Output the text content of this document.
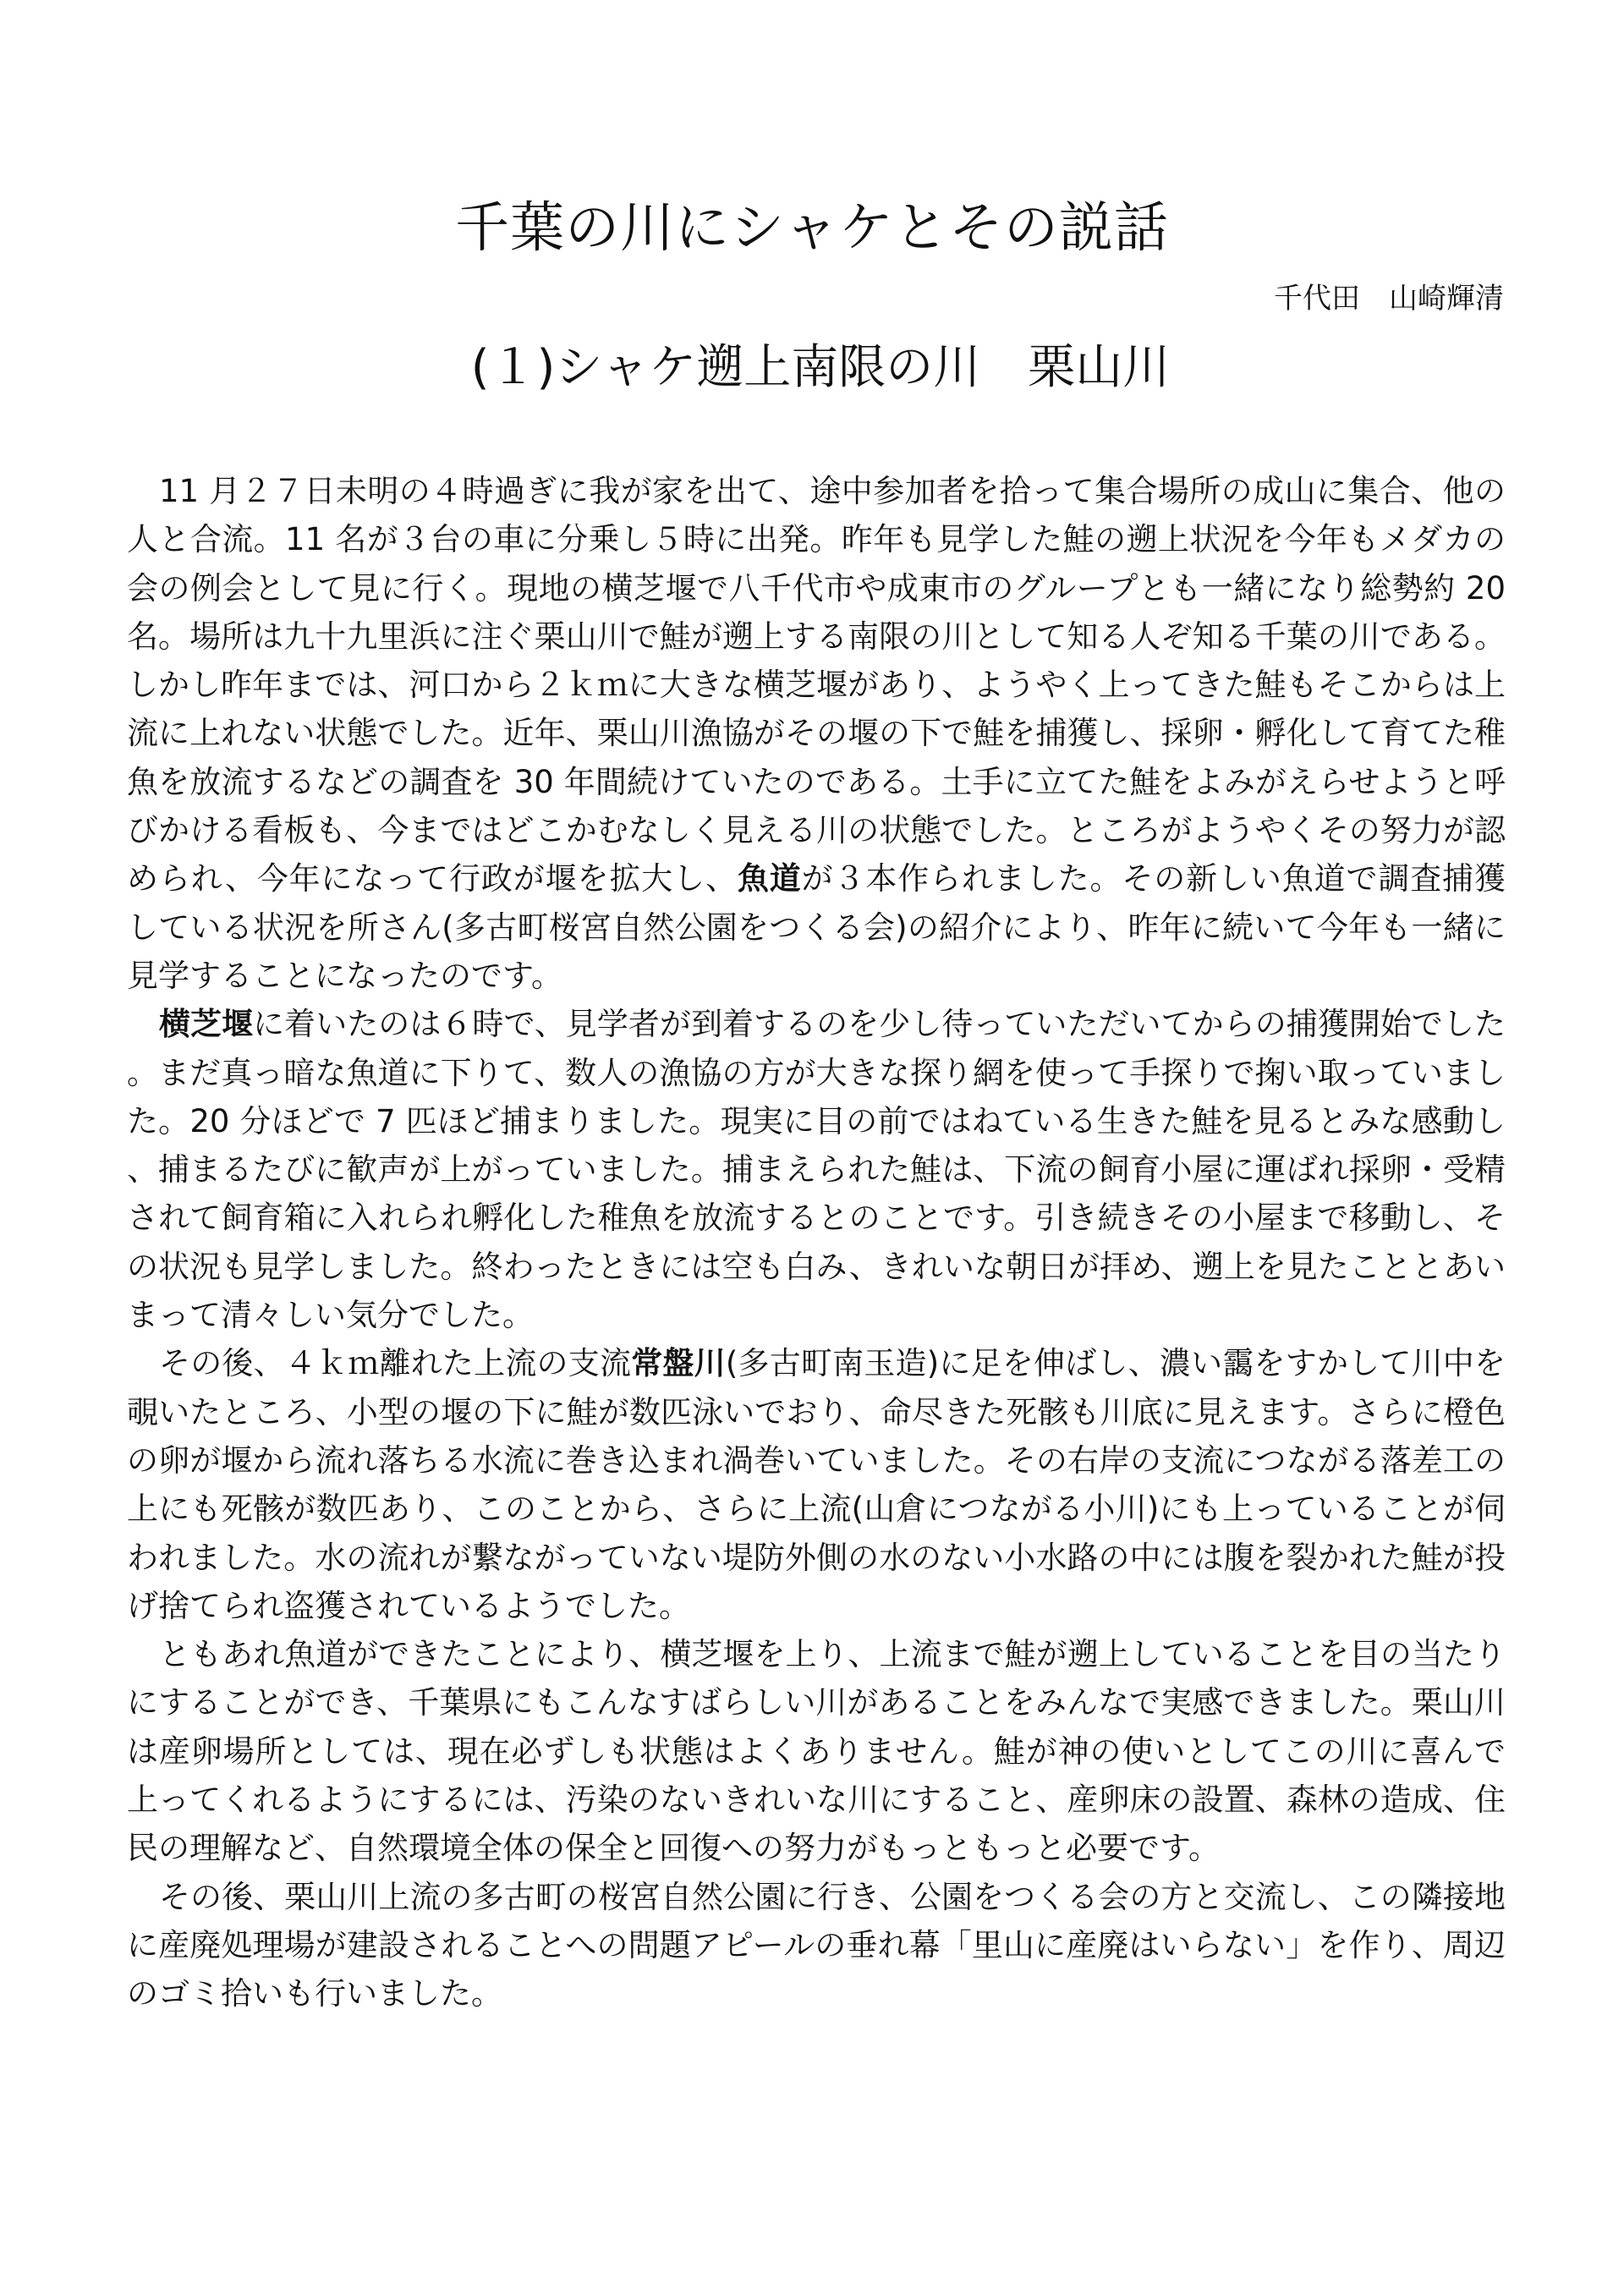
千葉の川にシャケとその説話

千代田　山崎輝清

(１)シャケ遡上南限の川　栗山川

11 月２７日未明の４時過ぎに我が家を出て、途中参加者を拾って集合場所の成山に集合、他の人と合流。11 名が３台の車に分乗し５時に出発。昨年も見学した鮭の遡上状況を今年もメダカの会の例会として見に行く。現地の横芝堰で八千代市や成東市のグループとも一緒になり総勢約 20 名。場所は九十九里浜に注ぐ栗山川で鮭が遡上する南限の川として知る人ぞ知る千葉の川である。しかし昨年までは、河口から２ｋｍに大きな横芝堰があり、ようやく上ってきた鮭もそこからは上流に上れない状態でした。近年、栗山川漁協がその堰の下で鮭を捕獲し、採卵・孵化して育てた稚魚を放流するなどの調査を 30 年間続けていたのである。土手に立てた鮭をよみがえらせようと呼びかける看板も、今まではどこかむなしく見える川の状態でした。ところがようやくその努力が認められ、今年になって行政が堰を拡大し、魚道が３本作られました。その新しい魚道で調査捕獲している状況を所さん(多古町桜宮自然公園をつくる会)の紹介により、昨年に続いて今年も一緒に見学することになったのです。

横芝堰に着いたのは６時で、見学者が到着するのを少し待っていただいてからの捕獲開始でした。まだ真っ暗な魚道に下りて、数人の漁協の方が大きな探り網を使って手探りで掬い取っていました。20 分ほどで 7 匹ほど捕まりました。現実に目の前ではねている生きた鮭を見るとみな感動し、捕まるたびに歓声が上がっていました。捕まえられた鮭は、下流の飼育小屋に運ばれ採卵・受精されて飼育箱に入れられ孵化した稚魚を放流するとのことです。引き続きその小屋まで移動し、その状況も見学しました。終わったときには空も白み、きれいな朝日が拝め、遡上を見たこととあいまって清々しい気分でした。

その後、４ｋｍ離れた上流の支流常盤川(多古町南玉造)に足を伸ばし、濃い靄をすかして川中を覗いたところ、小型の堰の下に鮭が数匹泳いでおり、命尽きた死骸も川底に見えます。さらに橙色の卵が堰から流れ落ちる水流に巻き込まれ渦巻いていました。その右岸の支流につながる落差工の上にも死骸が数匹あり、このことから、さらに上流(山倉につながる小川)にも上っていることが伺われました。水の流れが繋ながっていない堤防外側の水のない小水路の中には腹を裂かれた鮭が投げ捨てられ盗獲されているようでした。

ともあれ魚道ができたことにより、横芝堰を上り、上流まで鮭が遡上していることを目の当たりにすることができ、千葉県にもこんなすばらしい川があることをみんなで実感できました。栗山川は産卵場所としては、現在必ずしも状態はよくありません。鮭が神の使いとしてこの川に喜んで上ってくれるようにするには、汚染のないきれいな川にすること、産卵床の設置、森林の造成、住民の理解など、自然環境全体の保全と回復への努力がもっともっと必要です。

その後、栗山川上流の多古町の桜宮自然公園に行き、公園をつくる会の方と交流し、この隣接地に産廃処理場が建設されることへの問題アピールの垂れ幕「里山に産廃はいらない」を作り、周辺のゴミ拾いも行いました。
